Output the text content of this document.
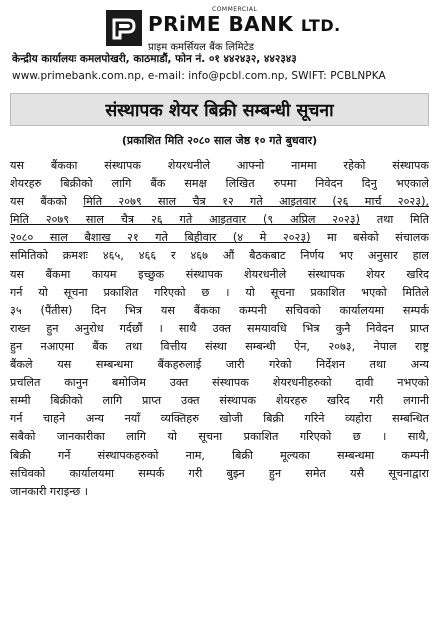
COMMERCIAL
PRiME BANK LTD.
प्राइम कमर्सियल बैंक लिमिटेड
केन्द्रीय कार्यालयः कमलपोखरी, काठमाडौं, फोन नं. ०१ ४४२४३२, ४४२३४३
www.primebank.com.np, e-mail: info@pcbl.com.np, SWIFT: PCBLNPKA
संस्थापक शेयर बिक्री सम्बन्धी सूचना
(प्रकाशित मिति २०८० साल जेष्ठ १० गते बुधवार)

यस बैंकका संस्थापक शेयरधनीले आफ्नो नाममा रहेको संस्थापक

शेयरहरु बिक्रीको लागि बैंक समक्ष लिखित रुपमा निवेदन दिनु भएकाले

यस बैंकको मिति २०७९ साल चैत्र १२ गते आइतवार (२६ मार्च २०२३),

मिति २०७९ साल चैत्र २६ गते आइतवार (९ अप्रिल २०२३) तथा मिति

२०८० साल बैशाख २१ गते बिहीवार (४ मे २०२३) मा बसेको संचालक

समितिको क्रमशः ४६५, ४६६ र ४६७ औं बैठकबाट निर्णय भए अनुसार हाल

यस बैंकमा कायम इच्छुक संस्थापक शेयरधनीले संस्थापक शेयर खरिद

गर्न यो सूचना प्रकाशित गरिएको छ । यो सूचना प्रकाशित भएको मितिले

३५ (पैंतीस) दिन भित्र यस बैंकका कम्पनी सचिवको कार्यालयमा सम्पर्क

राख्न हुन अनुरोध गर्दछौं । साथै उक्त समयावधि भित्र कुनै निवेदन प्राप्त

हुन नआएमा बैंक तथा वित्तीय संस्था सम्बन्धी ऐन, २०७३, नेपाल राष्ट्र

बैंकले यस सम्बन्धमा बैंकहरुलाई जारी गरेको निर्देशन तथा अन्य

प्रचलित कानुन बमोजिम उक्त संस्थापक शेयरधनीहरुको दावी नभएको

सम्मी बिक्रीको लागि प्राप्त उक्त संस्थापक शेयरहरु खरिद गरी लगानी

गर्न चाहने अन्य नयाँ व्यक्तिहरु खोजी बिक्री गरिने व्यहोरा सम्बन्धित

सबैको जानकारीका लागि यो सूचना प्रकाशित गरिएको छ । साथै,

बिक्री गर्ने संस्थापकहरुको नाम, बिक्री मूल्यका सम्बन्धमा कम्पनी

सचिवको कार्यालयमा सम्पर्क गरी बुझ्न हुन समेत यसै सूचनाद्वारा

जानकारी गराइन्छ ।
